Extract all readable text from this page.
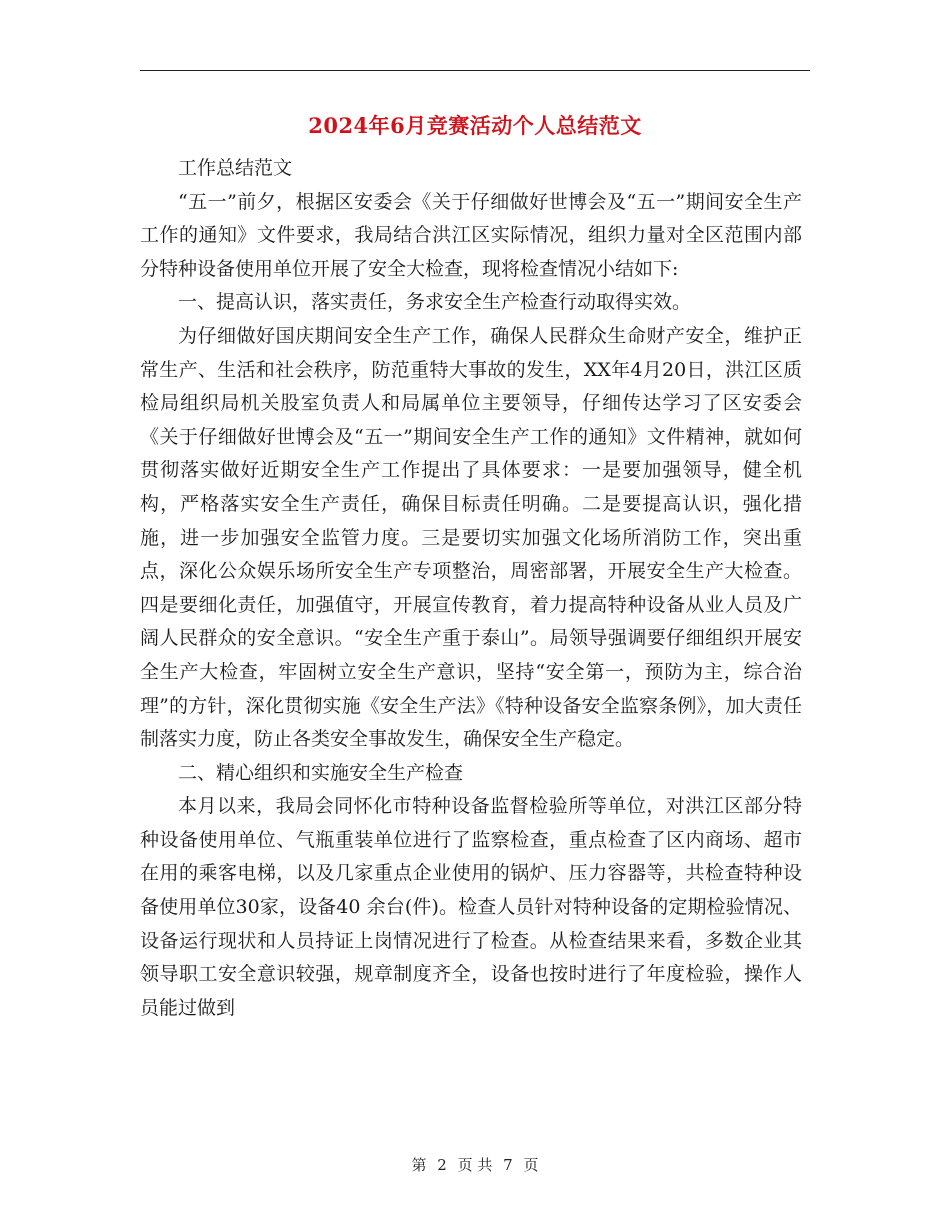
2024年6月竞赛活动个人总结范文

工作总结范文

“五一”前夕，根据区安委会《关于仔细做好世博会及“五一”期间安全生产工作的通知》文件要求，我局结合洪江区实际情况，组织力量对全区范围内部分特种设备使用单位开展了安全大检查，现将检查情况小结如下:

一、提高认识，落实责任，务求安全生产检查行动取得实效。

为仔细做好国庆期间安全生产工作，确保人民群众生命财产安全，维护正常生产、生活和社会秩序，防范重特大事故的发生，XX年4月20日，洪江区质检局组织局机关股室负责人和局属单位主要领导，仔细传达学习了区安委会《关于仔细做好世博会及“五一”期间安全生产工作的通知》文件精神，就如何贯彻落实做好近期安全生产工作提出了具体要求：一是要加强领导，健全机构，严格落实安全生产责任，确保目标责任明确。二是要提高认识，强化措施，进一步加强安全监管力度。三是要切实加强文化场所消防工作，突出重点，深化公众娱乐场所安全生产专项整治，周密部署，开展安全生产大检查。四是要细化责任，加强值守，开展宣传教育，着力提高特种设备从业人员及广阔人民群众的安全意识。“安全生产重于泰山”。局领导强调要仔细组织开展安全生产大检查，牢固树立安全生产意识，坚持“安全第一，预防为主，综合治理”的方针，深化贯彻实施《安全生产法》《特种设备安全监察条例》，加大责任制落实力度，防止各类安全事故发生，确保安全生产稳定。

二、精心组织和实施安全生产检查

本月以来，我局会同怀化市特种设备监督检验所等单位，对洪江区部分特种设备使用单位、气瓶重装单位进行了监察检查，重点检查了区内商场、超市在用的乘客电梯，以及几家重点企业使用的锅炉、压力容器等，共检查特种设备使用单位30家，设备40 余台(件)。检查人员针对特种设备的定期检验情况、设备运行现状和人员持证上岗情况进行了检查。从检查结果来看，多数企业其领导职工安全意识较强，规章制度齐全，设备也按时进行了年度检验，操作人员能过做到

第 2 页 共 7 页
